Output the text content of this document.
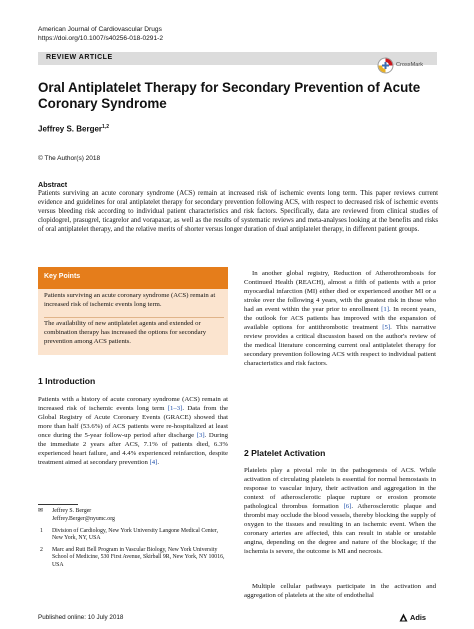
American Journal of Cardiovascular Drugs
https://doi.org/10.1007/s40256-018-0291-2
REVIEW ARTICLE
CrossMark
Oral Antiplatelet Therapy for Secondary Prevention of Acute Coronary Syndrome
Jeffrey S. Berger$^{1,2}$
© The Author(s) 2018
Abstract
Patients surviving an acute coronary syndrome (ACS) remain at increased risk of ischemic events long term. This paper reviews current evidence and guidelines for oral antiplatelet therapy for secondary prevention following ACS, with respect to decreased risk of ischemic events versus bleeding risk according to individual patient characteristics and risk factors. Specifically, data are reviewed from clinical studies of clopidogrel, prasugrel, ticagrelor and vorapaxar, as well as the results of systematic reviews and meta-analyses looking at the benefits and risks of oral antiplatelet therapy, and the relative merits of shorter versus longer duration of dual antiplatelet therapy, in different patient groups.
Key Points
Patients surviving an acute coronary syndrome (ACS) remain at increased risk of ischemic events long term.
The availability of new antiplatelet agents and extended or combination therapy has increased the options for secondary prevention among ACS patients.
1 Introduction
Patients with a history of acute coronary syndrome (ACS) remain at increased risk of ischemic events long term [1–3]. Data from the Global Registry of Acute Coronary Events (GRACE) showed that more than half (53.6%) of ACS patients were re-hospitalized at least once during the 5-year follow-up period after discharge [3]. During the immediate 2 years after ACS, 7.1% of patients died, 6.3% experienced heart failure, and 4.4% experienced reinfarction, despite treatment aimed at secondary prevention [4].
In another global registry, Reduction of Atherothrombosis for Continued Health (REACH), almost a fifth of patients with a prior myocardial infarction (MI) either died or experienced another MI or a stroke over the following 4 years, with the greatest risk in those who had an event within the year prior to enrollment [1]. In recent years, the outlook for ACS patients has improved with the expansion of available options for antithrombotic treatment [5]. This narrative review provides a critical discussion based on the author's review of the medical literature concerning current oral antiplatelet therapy for secondary prevention following ACS with respect to individual patient characteristics and risk factors.
2 Platelet Activation
Platelets play a pivotal role in the pathogenesis of ACS. While activation of circulating platelets is essential for normal hemostasis in response to vascular injury, their activation and aggregation in the context of atherosclerotic plaque rupture or erosion promote pathological thrombus formation [6]. Atherosclerotic plaque and thrombi may occlude the blood vessels, thereby blocking the supply of oxygen to the tissues and resulting in an ischemic event. When the coronary arteries are affected, this can result in stable or unstable angina, depending on the degree and nature of the blockage; if the ischemia is severe, the outcome is MI and necrosis.
Multiple cellular pathways participate in the activation and aggregation of platelets at the site of endothelial
✉ Jeffrey S. Berger
Jeffrey.Berger@nyumc.org
1 Division of Cardiology, New York University Langone Medical Center, New York, NY, USA
2 Marc and Ruti Bell Program in Vascular Biology, New York University School of Medicine, 530 First Avenue, Skirball 9R, New York, NY 10016, USA
Published online: 10 July 2018	Adis
